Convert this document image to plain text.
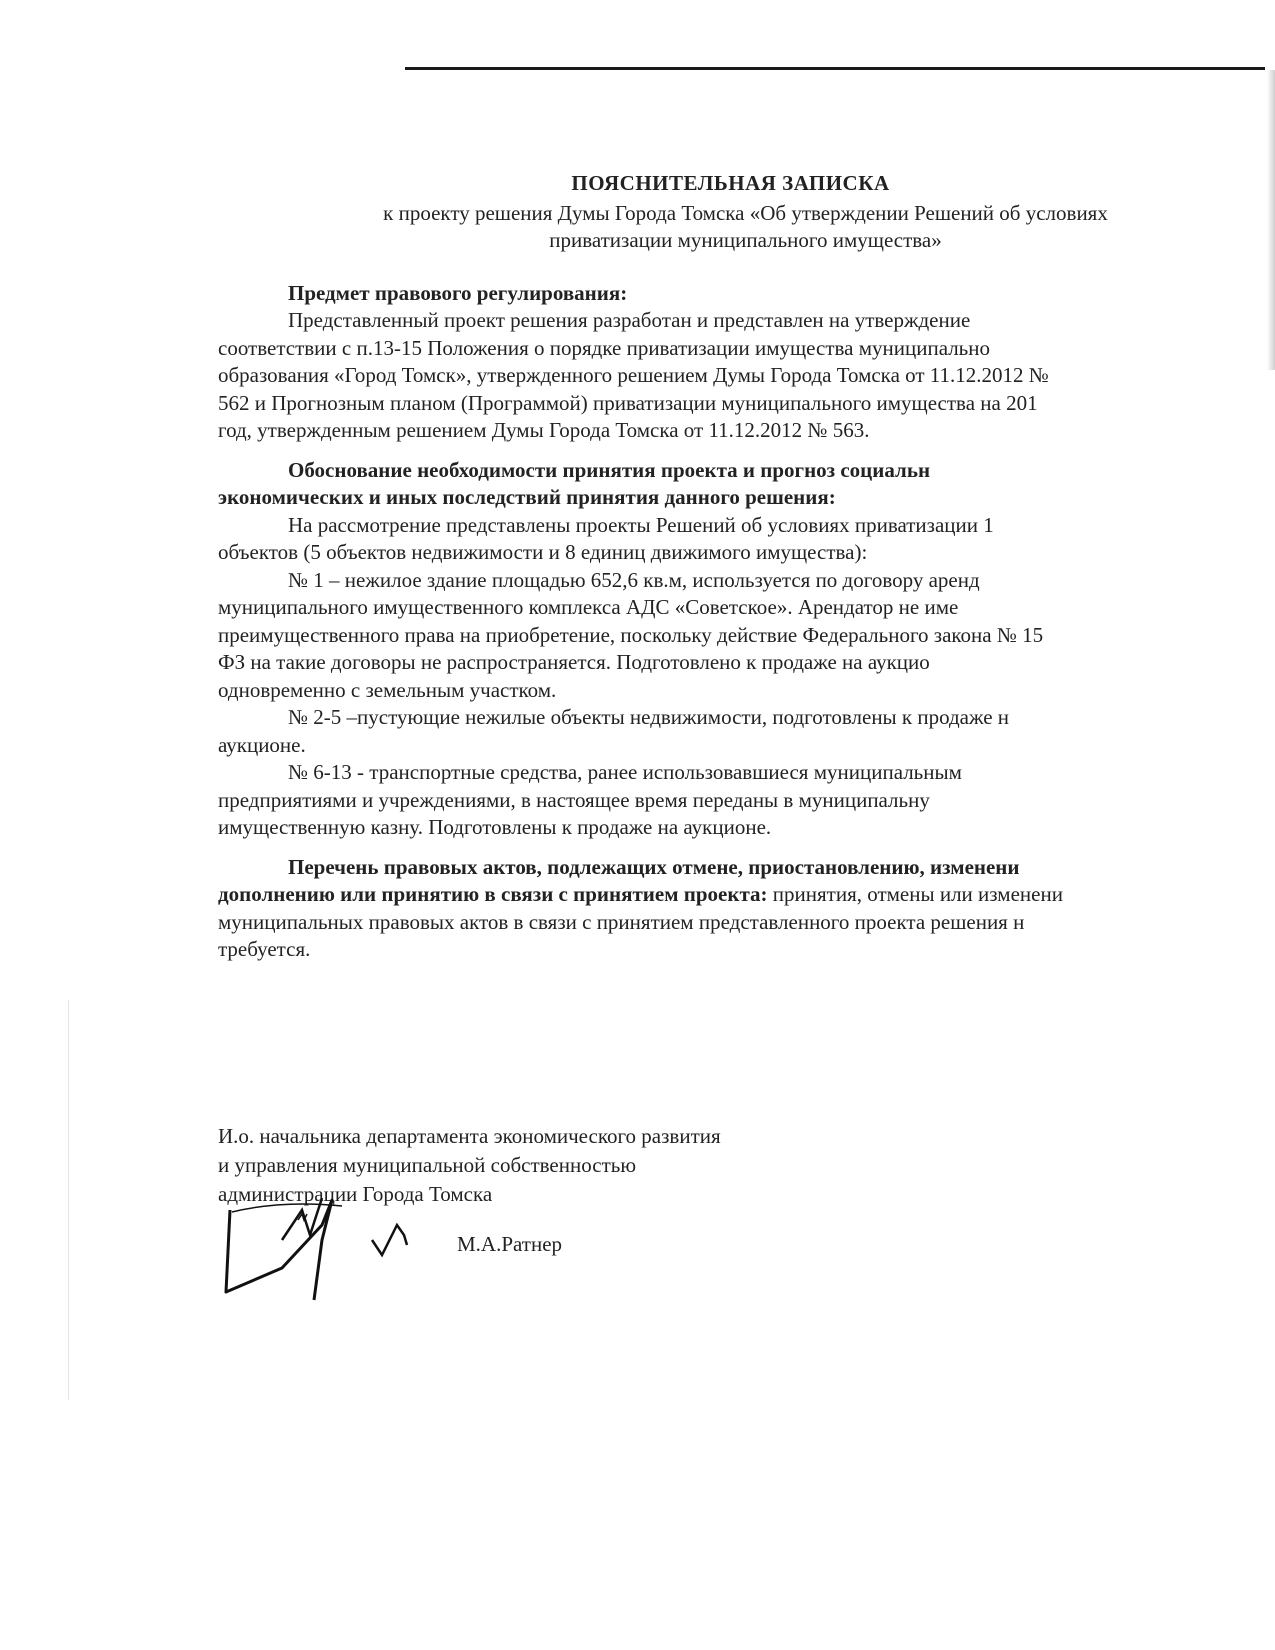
ПОЯСНИТЕЛЬНАЯ ЗАПИСКА

к проекту решения Думы Города Томска «Об утверждении Решений об условиях

приватизации муниципального имущества»

Предмет правового регулирования:

Представленный проект решения разработан и представлен на утверждение

соответствии с п.13-15 Положения о порядке приватизации имущества муниципально

образования «Город Томск», утвержденного решением Думы Города Томска от 11.12.2012 №

562 и Прогнозным планом (Программой) приватизации муниципального имущества на 201

год, утвержденным решением Думы Города Томска от 11.12.2012 № 563.

Обоснование необходимости принятия проекта и прогноз социальн

экономических и иных последствий принятия данного решения:

На рассмотрение представлены проекты Решений об условиях приватизации 1

объектов (5 объектов недвижимости и 8 единиц движимого имущества):

№ 1 – нежилое здание площадью 652,6 кв.м, используется по договору аренд

муниципального имущественного комплекса АДС «Советское». Арендатор не име

преимущественного права на приобретение, поскольку действие Федерального закона № 15

ФЗ на такие договоры не распространяется. Подготовлено к продаже на аукцио

одновременно с земельным участком.

№ 2-5 –пустующие нежилые объекты недвижимости, подготовлены к продаже н

аукционе.

№ 6-13 - транспортные средства, ранее использовавшиеся муниципальным

предприятиями и учреждениями, в настоящее время переданы в муниципальну

имущественную казну. Подготовлены к продаже на аукционе.

Перечень правовых актов, подлежащих отмене, приостановлению, изменени

дополнению или принятию в связи с принятием проекта: принятия, отмены или изменени

муниципальных правовых актов в связи с принятием представленного проекта решения н

требуется.

И.о. начальника департамента экономического развития

и управления муниципальной собственностью

администрации Города Томска

М.А.Ратнер
